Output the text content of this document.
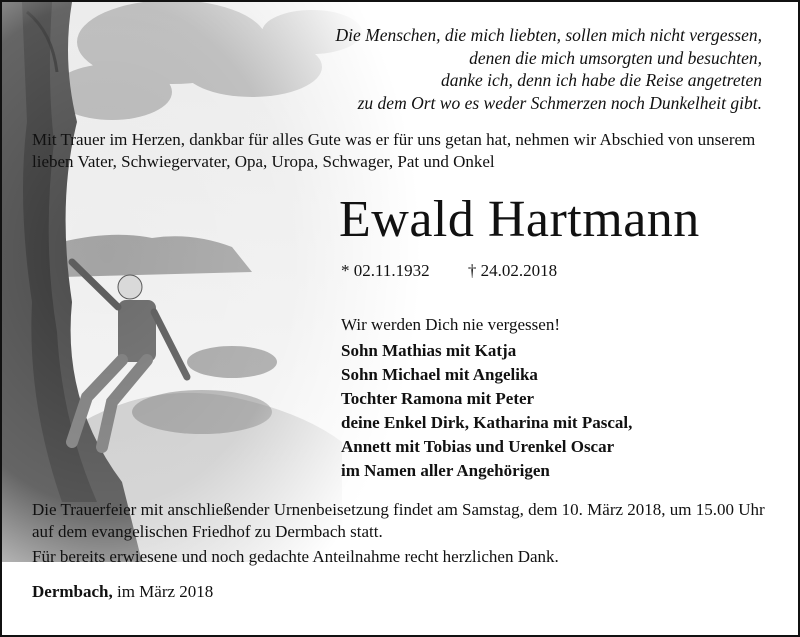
Die Menschen, die mich liebten, sollen mich nicht vergessen,
denen die mich umsorgten und besuchten,
danke ich, denn ich habe die Reise angetreten
zu dem Ort wo es weder Schmerzen noch Dunkelheit gibt.
Mit Trauer im Herzen, dankbar für alles Gute was er für uns getan hat, nehmen wir Abschied von unserem lieben Vater, Schwiegervater, Opa, Uropa, Schwager, Pat und Onkel
Ewald Hartmann
* 02.11.1932 † 24.02.2018
Wir werden Dich nie vergessen!
Sohn Mathias mit Katja
Sohn Michael mit Angelika
Tochter Ramona mit Peter
deine Enkel Dirk, Katharina mit Pascal,
Annett mit Tobias und Urenkel Oscar
im Namen aller Angehörigen
Die Trauerfeier mit anschließender Urnenbeisetzung findet am Samstag, dem 10. März 2018, um 15.00 Uhr auf dem evangelischen Friedhof zu Dermbach statt.
Für bereits erwiesene und noch gedachte Anteilnahme recht herzlichen Dank.
Dermbach, im März 2018
